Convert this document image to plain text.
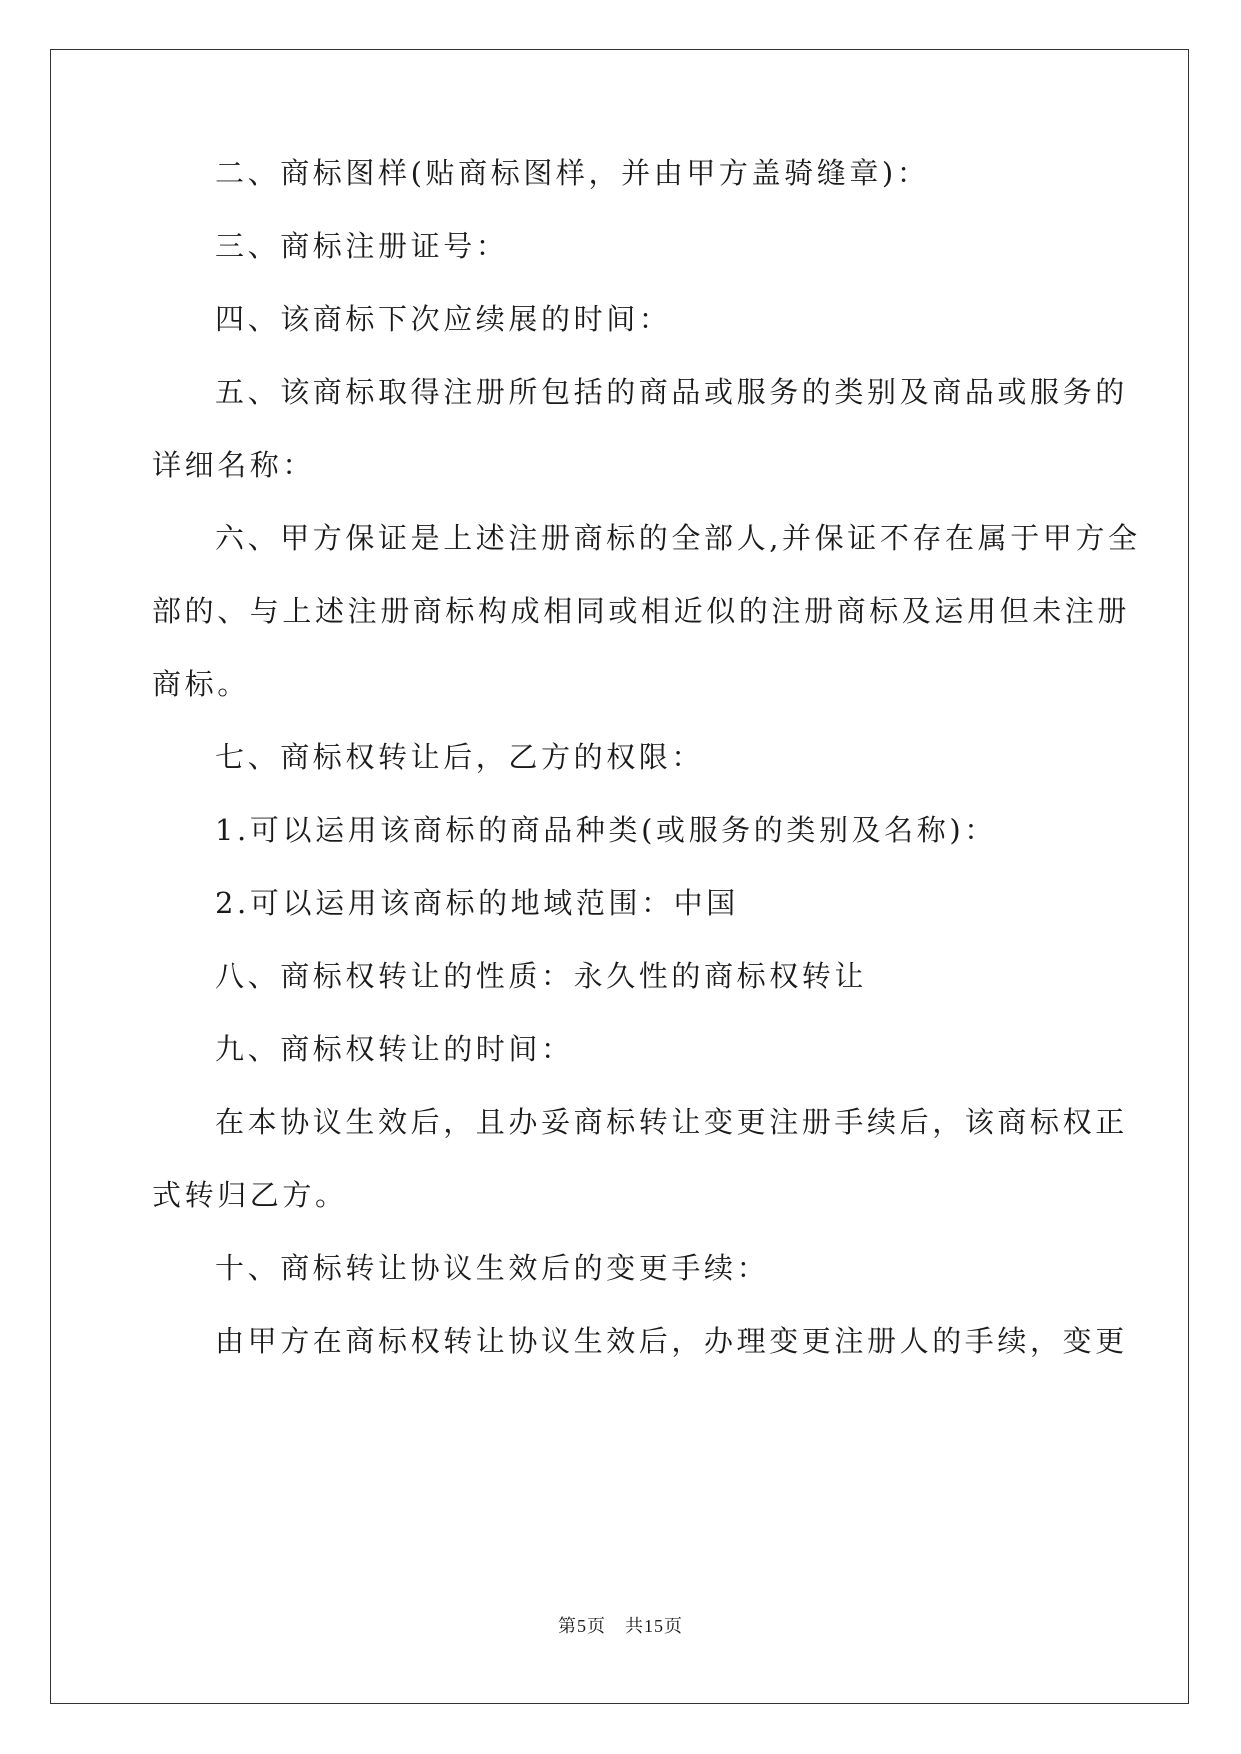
二、商标图样(贴商标图样，并由甲方盖骑缝章)：
三、商标注册证号：
四、该商标下次应续展的时间：
五、该商标取得注册所包括的商品或服务的类别及商品或服务的
详细名称：
六、甲方保证是上述注册商标的全部人,并保证不存在属于甲方全
部的、与上述注册商标构成相同或相近似的注册商标及运用但未注册
商标。
七、商标权转让后，乙方的权限：
1.可以运用该商标的商品种类(或服务的类别及名称)：
2.可以运用该商标的地域范围：中国
八、商标权转让的性质：永久性的商标权转让
九、商标权转让的时间：
在本协议生效后，且办妥商标转让变更注册手续后，该商标权正
式转归乙方。
十、商标转让协议生效后的变更手续：
由甲方在商标权转让协议生效后，办理变更注册人的手续，变更
第5页　共15页
